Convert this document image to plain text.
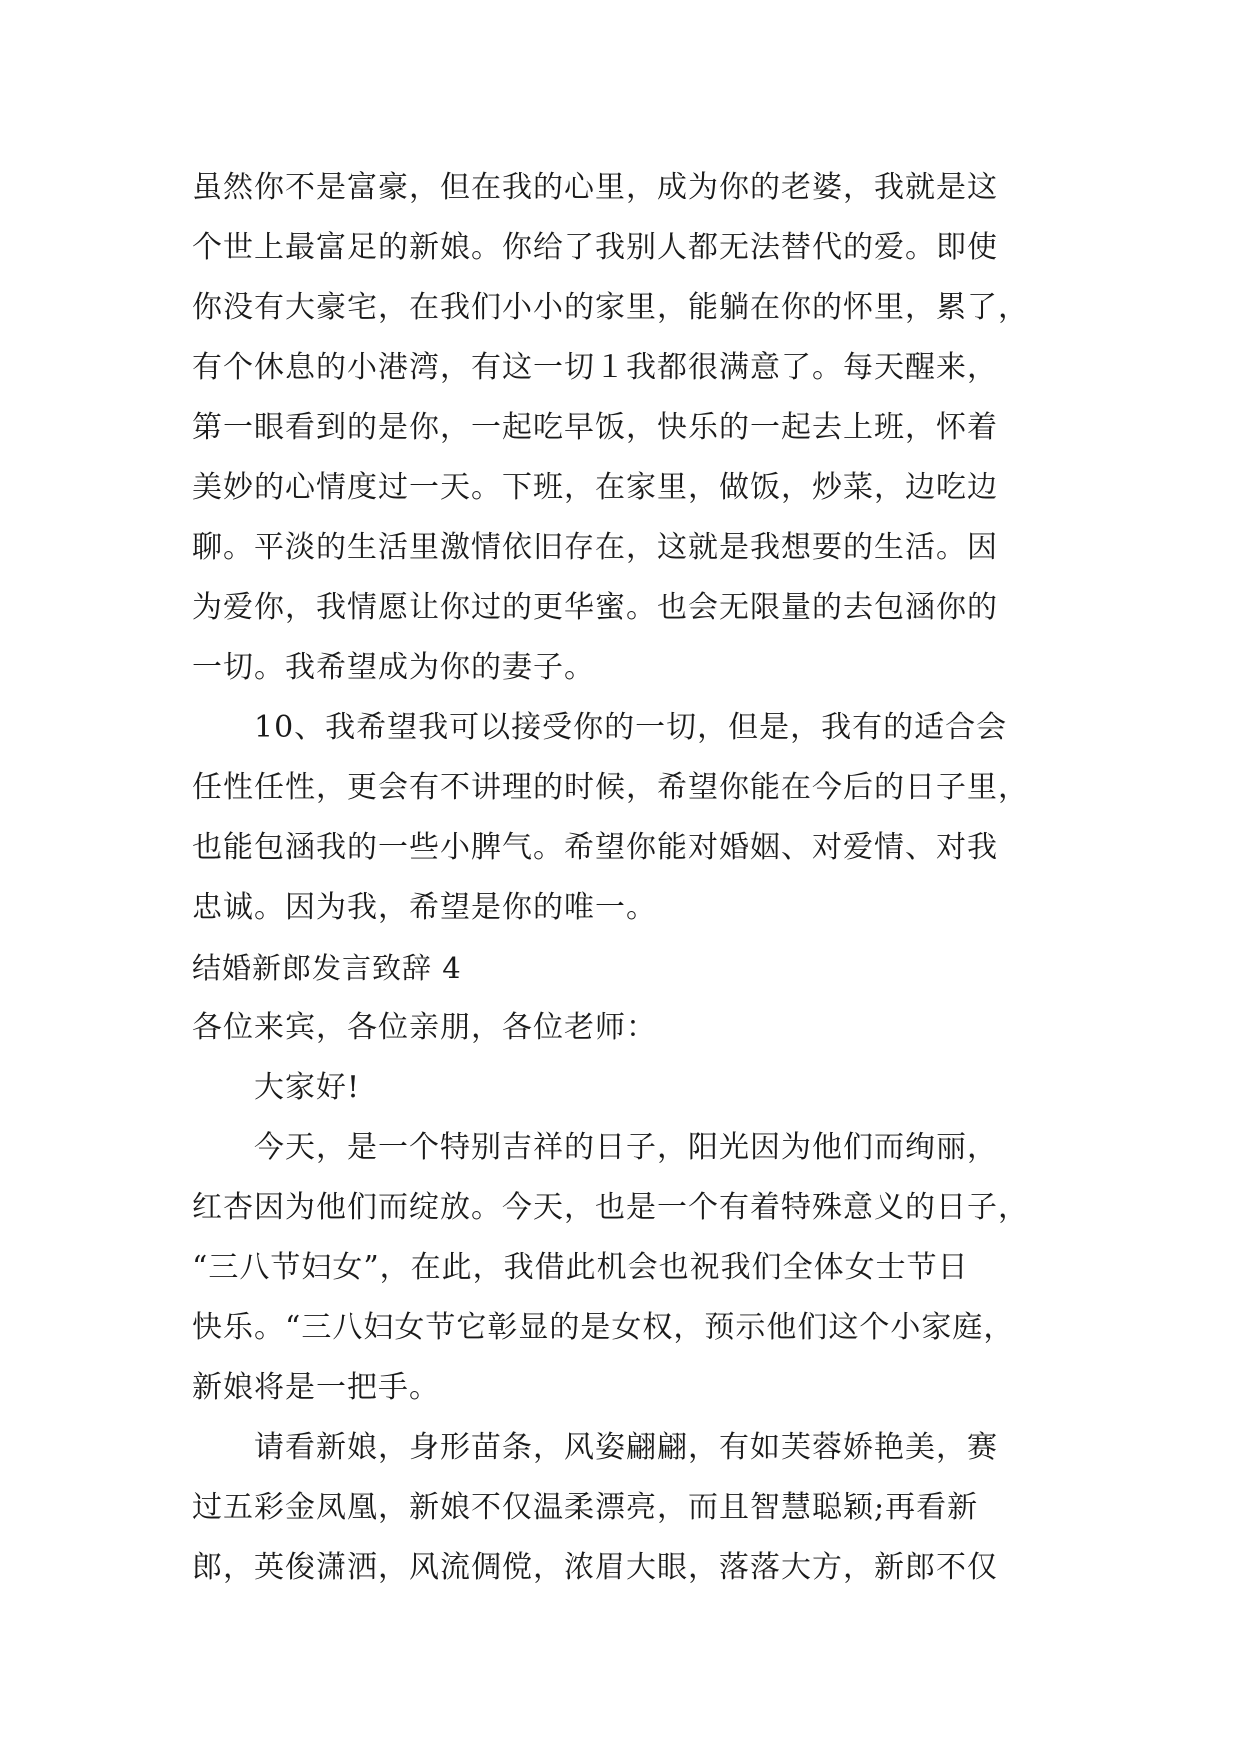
虽然你不是富豪，但在我的心里，成为你的老婆，我就是这
个世上最富足的新娘。你给了我别人都无法替代的爱。即使
你没有大豪宅，在我们小小的家里，能躺在你的怀里，累了，
有个休息的小港湾，有这一切１我都很满意了。每天醒来，
第一眼看到的是你，一起吃早饭，快乐的一起去上班，怀着
美妙的心情度过一天。下班，在家里，做饭，炒菜，边吃边
聊。平淡的生活里激情依旧存在，这就是我想要的生活。因
为爱你，我情愿让你过的更华蜜。也会无限量的去包涵你的
一切。我希望成为你的妻子。
10、我希望我可以接受你的一切，但是，我有的适合会
任性任性，更会有不讲理的时候，希望你能在今后的日子里，
也能包涵我的一些小脾气。希望你能对婚姻、对爱情、对我
忠诚。因为我，希望是你的唯一。
结婚新郎发言致辞 4
各位来宾，各位亲朋，各位老师：
大家好!
今天，是一个特别吉祥的日子，阳光因为他们而绚丽，
红杏因为他们而绽放。今天，也是一个有着特殊意义的日子，
“三八节妇女”，在此，我借此机会也祝我们全体女士节日
快乐。“三八妇女节它彰显的是女权，预示他们这个小家庭，
新娘将是一把手。
请看新娘，身形苗条，风姿翩翩，有如芙蓉娇艳美，赛
过五彩金凤凰，新娘不仅温柔漂亮，而且智慧聪颖;再看新
郎，英俊潇洒，风流倜傥，浓眉大眼，落落大方，新郎不仅
